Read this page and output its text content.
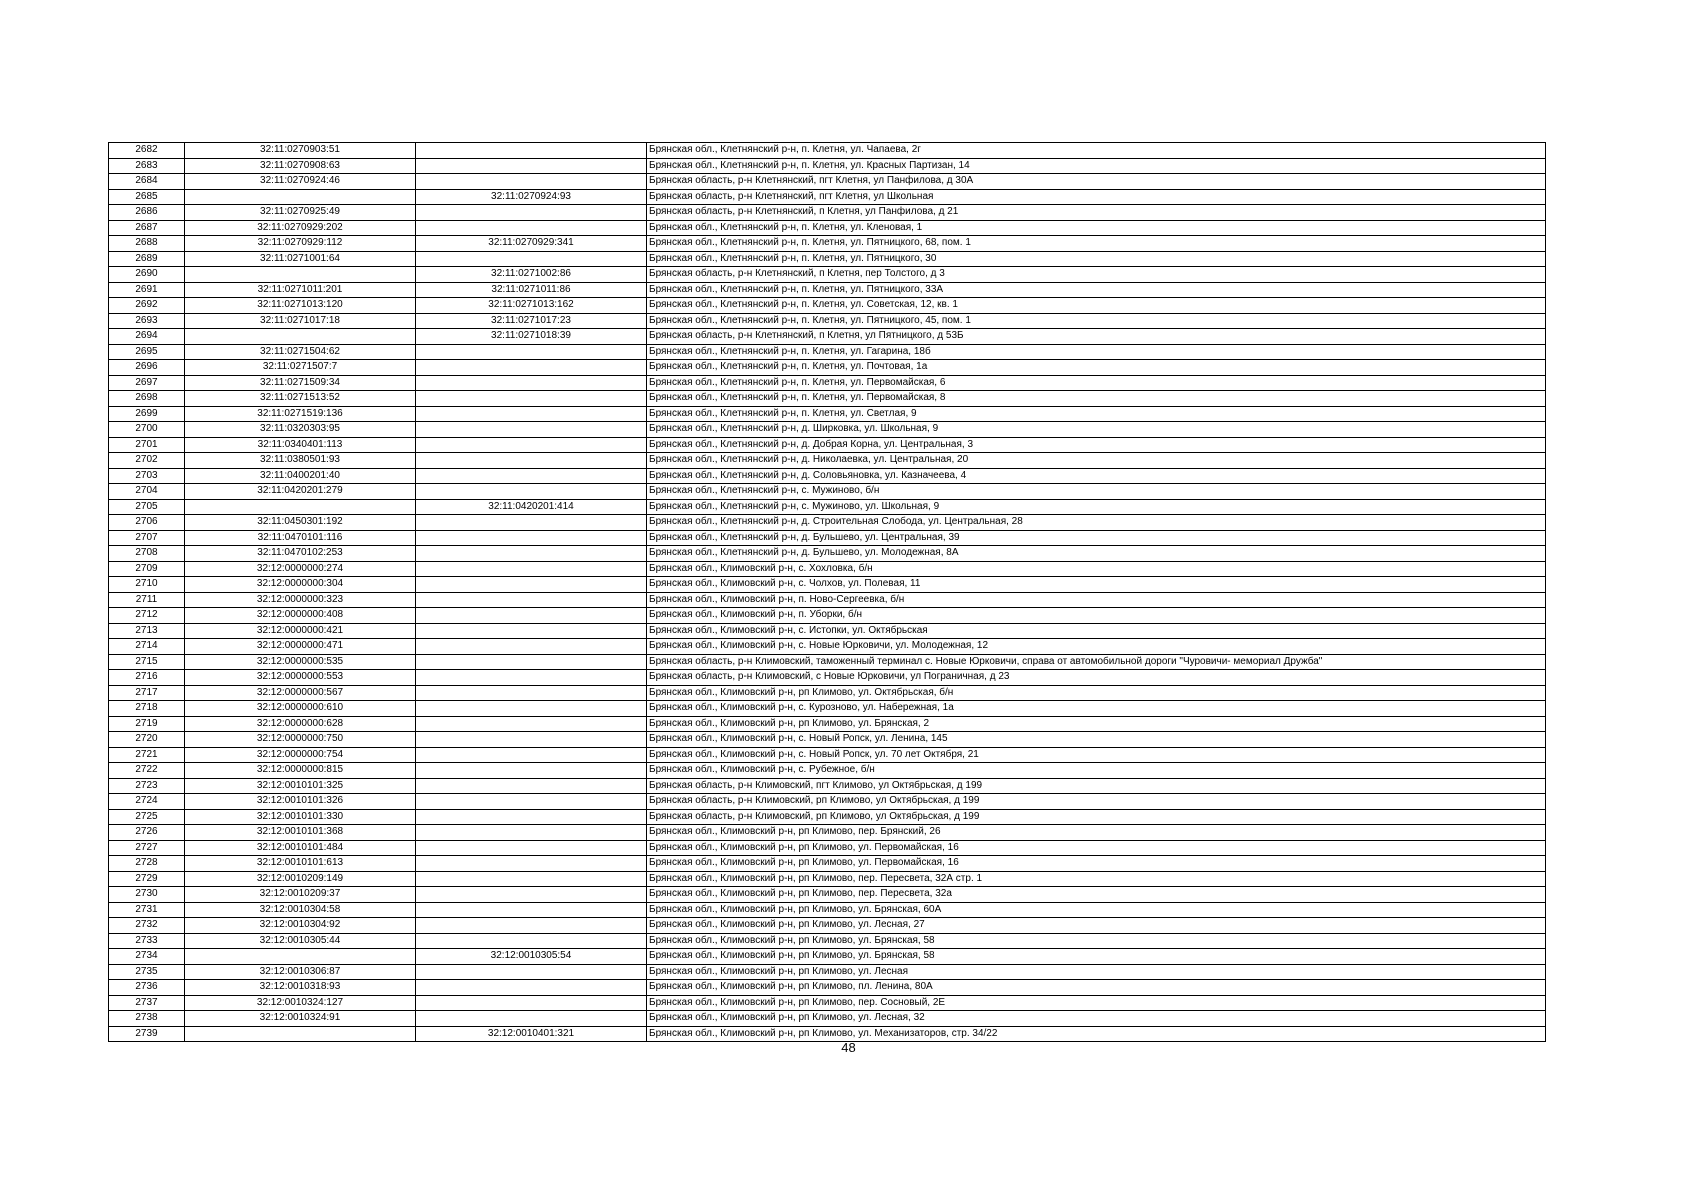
2682	32:11:0270903:51		Брянская обл., Клетнянский р-н, п. Клетня, ул. Чапаева, 2г
2683	32:11:0270908:63		Брянская обл., Клетнянский р-н, п. Клетня, ул. Красных Партизан, 14
2684	32:11:0270924:46		Брянская область, р-н Клетнянский, пгт Клетня, ул Панфилова, д 30А
2685		32:11:0270924:93	Брянская область, р-н Клетнянский, пгт Клетня, ул Школьная
2686	32:11:0270925:49		Брянская область, р-н Клетнянский, п Клетня, ул Панфилова, д 21
2687	32:11:0270929:202		Брянская обл., Клетнянский р-н, п. Клетня, ул. Кленовая, 1
2688	32:11:0270929:112	32:11:0270929:341	Брянская обл., Клетнянский р-н, п. Клетня, ул. Пятницкого, 68, пом. 1
2689	32:11:0271001:64		Брянская обл., Клетнянский р-н, п. Клетня, ул. Пятницкого, 30
2690		32:11:0271002:86	Брянская область, р-н Клетнянский, п Клетня, пер Толстого, д 3
2691	32:11:0271011:201	32:11:0271011:86	Брянская обл., Клетнянский р-н, п. Клетня, ул. Пятницкого, 33А
2692	32:11:0271013:120	32:11:0271013:162	Брянская обл., Клетнянский р-н, п. Клетня, ул. Советская, 12, кв. 1
2693	32:11:0271017:18	32:11:0271017:23	Брянская обл., Клетнянский р-н, п. Клетня, ул. Пятницкого, 45, пом. 1
2694		32:11:0271018:39	Брянская область, р-н Клетнянский, п Клетня, ул Пятницкого, д 53Б
2695	32:11:0271504:62		Брянская обл., Клетнянский р-н, п. Клетня, ул. Гагарина, 18б
2696	32:11:0271507:7		Брянская обл., Клетнянский р-н, п. Клетня, ул. Почтовая, 1а
2697	32:11:0271509:34		Брянская обл., Клетнянский р-н, п. Клетня, ул. Первомайская, 6
2698	32:11:0271513:52		Брянская обл., Клетнянский р-н, п. Клетня, ул. Первомайская, 8
2699	32:11:0271519:136		Брянская обл., Клетнянский р-н, п. Клетня, ул. Светлая, 9
2700	32:11:0320303:95		Брянская обл., Клетнянский р-н, д. Ширковка, ул. Школьная, 9
2701	32:11:0340401:113		Брянская обл., Клетнянский р-н, д. Добрая Корна, ул. Центральная, 3
2702	32:11:0380501:93		Брянская обл., Клетнянский р-н, д. Николаевка, ул. Центральная, 20
2703	32:11:0400201:40		Брянская обл., Клетнянский р-н, д. Соловьяновка, ул. Казначеева, 4
2704	32:11:0420201:279		Брянская обл., Клетнянский р-н, с. Мужиново, б/н
2705		32:11:0420201:414	Брянская обл., Клетнянский р-н, с. Мужиново, ул. Школьная, 9
2706	32:11:0450301:192		Брянская обл., Клетнянский р-н, д. Строительная Слобода, ул. Центральная, 28
2707	32:11:0470101:116		Брянская обл., Клетнянский р-н, д. Бульшево, ул. Центральная, 39
2708	32:11:0470102:253		Брянская обл., Клетнянский р-н, д. Бульшево, ул. Молодежная, 8А
2709	32:12:0000000:274		Брянская обл., Климовский р-н, с. Хохловка, б/н
2710	32:12:0000000:304		Брянская обл., Климовский р-н, с. Чолхов, ул. Полевая, 11
2711	32:12:0000000:323		Брянская обл., Климовский р-н, п. Ново-Сергеевка, б/н
2712	32:12:0000000:408		Брянская обл., Климовский р-н, п. Уборки, б/н
2713	32:12:0000000:421		Брянская обл., Климовский р-н, с. Истопки, ул. Октябрьская
2714	32:12:0000000:471		Брянская обл., Климовский р-н, с. Новые Юрковичи, ул. Молодежная, 12
2715	32:12:0000000:535		Брянская область, р-н Климовский, таможенный терминал с. Новые Юрковичи, справа от автомобильной дороги "Чуровичи- мемориал Дружба"
2716	32:12:0000000:553		Брянская область, р-н Климовский, с Новые Юрковичи, ул Пограничная, д 23
2717	32:12:0000000:567		Брянская обл., Климовский р-н, рп Климово, ул. Октябрьская, б/н
2718	32:12:0000000:610		Брянская обл., Климовский р-н, с. Курозново, ул. Набережная, 1а
2719	32:12:0000000:628		Брянская обл., Климовский р-н, рп Климово, ул. Брянская, 2
2720	32:12:0000000:750		Брянская обл., Климовский р-н, с. Новый Ропск, ул. Ленина, 145
2721	32:12:0000000:754		Брянская обл., Климовский р-н, с. Новый Ропск, ул. 70 лет Октября, 21
2722	32:12:0000000:815		Брянская обл., Климовский р-н, с. Рубежное, б/н
2723	32:12:0010101:325		Брянская область, р-н Климовский, пгт Климово, ул Октябрьская, д 199
2724	32:12:0010101:326		Брянская область, р-н Климовский, рп Климово, ул Октябрьская, д 199
2725	32:12:0010101:330		Брянская область, р-н Климовский, рп Климово, ул Октябрьская, д 199
2726	32:12:0010101:368		Брянская обл., Климовский р-н, рп Климово, пер. Брянский, 26
2727	32:12:0010101:484		Брянская обл., Климовский р-н, рп Климово, ул. Первомайская, 16
2728	32:12:0010101:613		Брянская обл., Климовский р-н, рп Климово, ул. Первомайская, 16
2729	32:12:0010209:149		Брянская обл., Климовский р-н, рп Климово, пер. Пересвета, 32А стр. 1
2730	32:12:0010209:37		Брянская обл., Климовский р-н, рп Климово, пер. Пересвета, 32а
2731	32:12:0010304:58		Брянская обл., Климовский р-н, рп Климово, ул. Брянская, 60А
2732	32:12:0010304:92		Брянская обл., Климовский р-н, рп Климово, ул. Лесная, 27
2733	32:12:0010305:44		Брянская обл., Климовский р-н, рп Климово, ул. Брянская, 58
2734		32:12:0010305:54	Брянская обл., Климовский р-н, рп Климово, ул. Брянская, 58
2735	32:12:0010306:87		Брянская обл., Климовский р-н, рп Климово, ул. Лесная
2736	32:12:0010318:93		Брянская обл., Климовский р-н, рп Климово, пл. Ленина, 80А
2737	32:12:0010324:127		Брянская обл., Климовский р-н, рп Климово, пер. Сосновый, 2Е
2738	32:12:0010324:91		Брянская обл., Климовский р-н, рп Климово, ул. Лесная, 32
2739		32:12:0010401:321	Брянская обл., Климовский р-н, рп Климово, ул. Механизаторов, стр. 34/22
48
